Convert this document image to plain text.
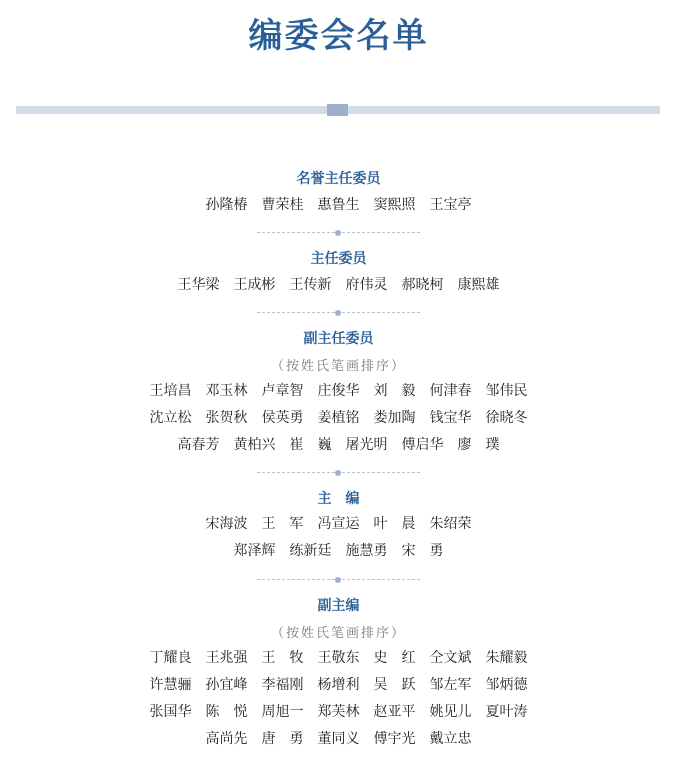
编委会名单
名誉主任委员
孙隆椿 曹荣桂 惠鲁生 窦熙照 王宝亭
主任委员
王华梁 王成彬 王传新 府伟灵 郝晓柯 康熙雄
副主任委员
（按姓氏笔画排序）
王培昌 邓玉林 卢章智 庄俊华 刘　毅 何津春 邹伟民
沈立松 张贺秋 侯英勇 姜植铭 娄加陶 钱宝华 徐晓冬
高春芳 黄柏兴 崔　巍 屠光明 傅启华 廖　璞
主　编
宋海波 王　军 冯宣运 叶　晨 朱绍荣
郑泽辉 练新廷 施慧勇 宋　勇
副主编
（按姓氏笔画排序）
丁耀良 王兆强 王　牧 王敬东 史　红 仝文斌 朱耀毅
许慧骊 孙宜峰 李福刚 杨增利 吴　跃 邹左军 邹炳德
张国华 陈　悦 周旭一 郑芙林 赵亚平 姚见儿 夏叶涛
高尚先 唐　勇 董同义 傅宇光 戴立忠
